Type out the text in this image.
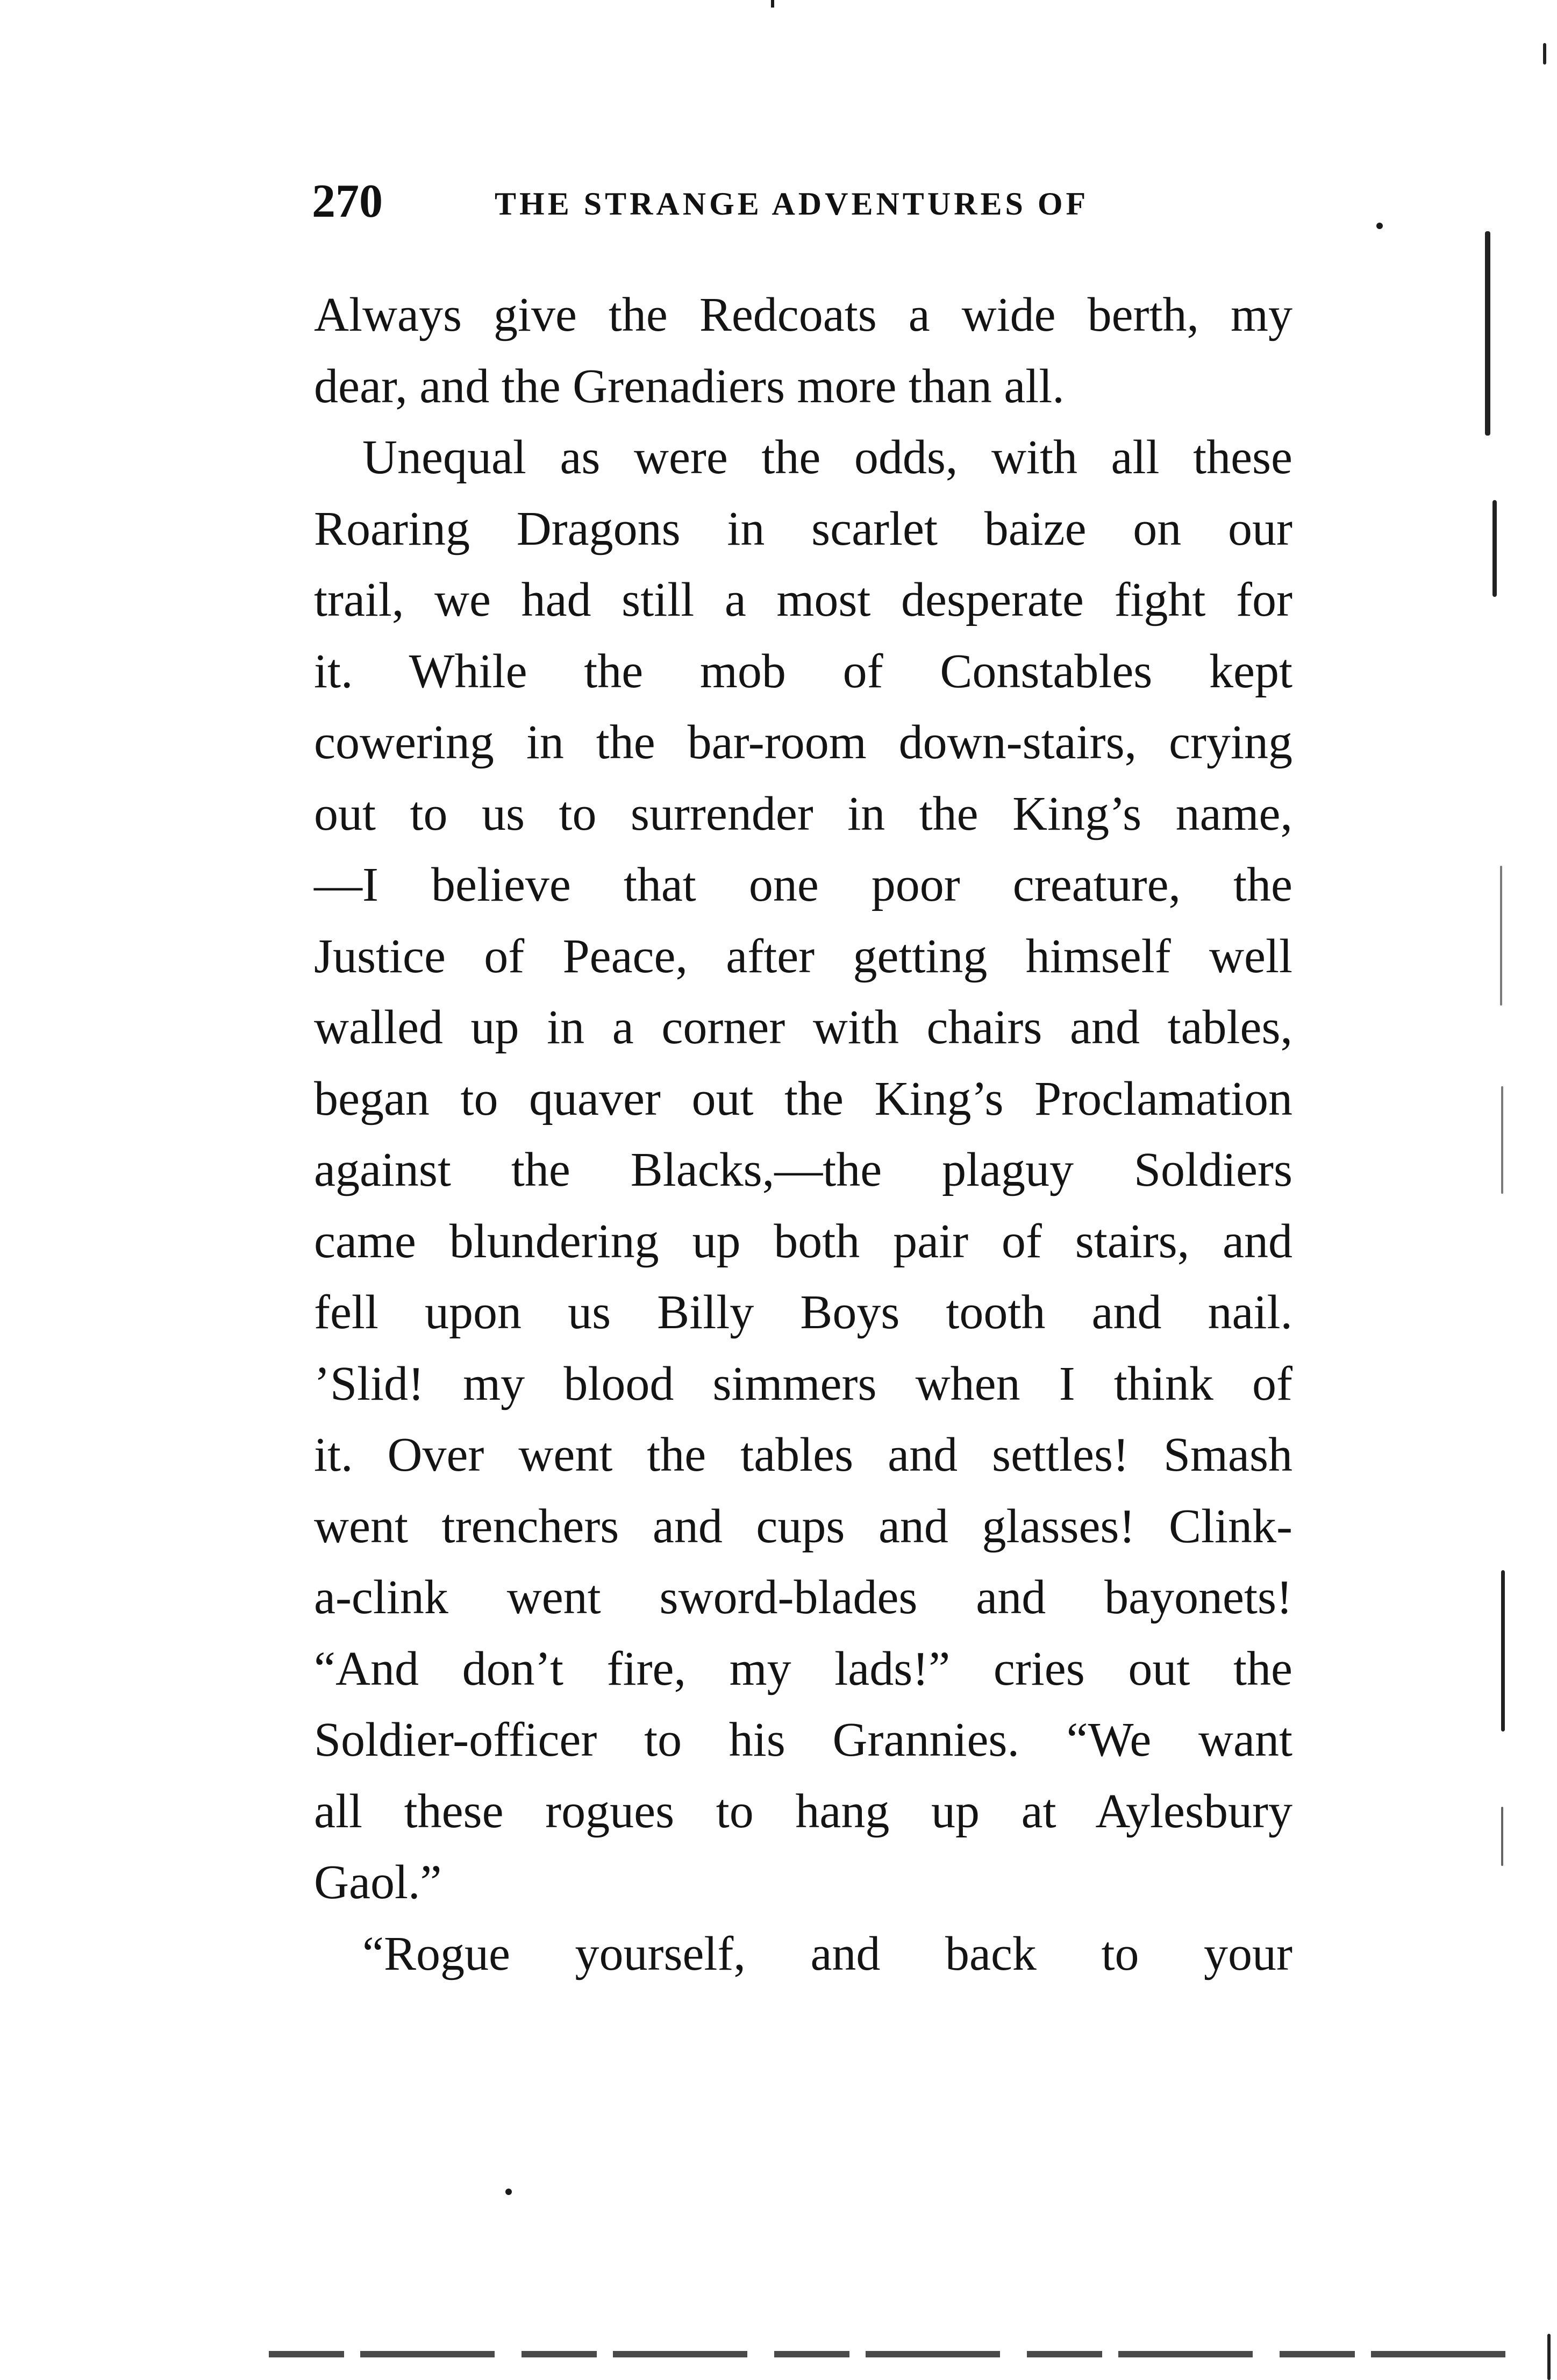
270	THE STRANGE ADVENTURES OF
Always give the Redcoats a wide berth, my
dear, and the Grenadiers more than all.
Unequal as were the odds, with all these
Roaring Dragons in scarlet baize on our
trail, we had still a most desperate fight for
it. While the mob of Constables kept
cowering in the bar-room down-stairs, crying
out to us to surrender in the King’s name,
—I believe that one poor creature, the
Justice of Peace, after getting himself well
walled up in a corner with chairs and tables,
began to quaver out the King’s Proclamation
against the Blacks,—the plaguy Soldiers
came blundering up both pair of stairs, and
fell upon us Billy Boys tooth and nail.
’Slid! my blood simmers when I think of
it. Over went the tables and settles! Smash
went trenchers and cups and glasses! Clink-
a-clink went sword-blades and bayonets!
“And don’t fire, my lads!” cries out the
Soldier-officer to his Grannies. “We want
all these rogues to hang up at Aylesbury
Gaol.”
“Rogue yourself, and back to your
